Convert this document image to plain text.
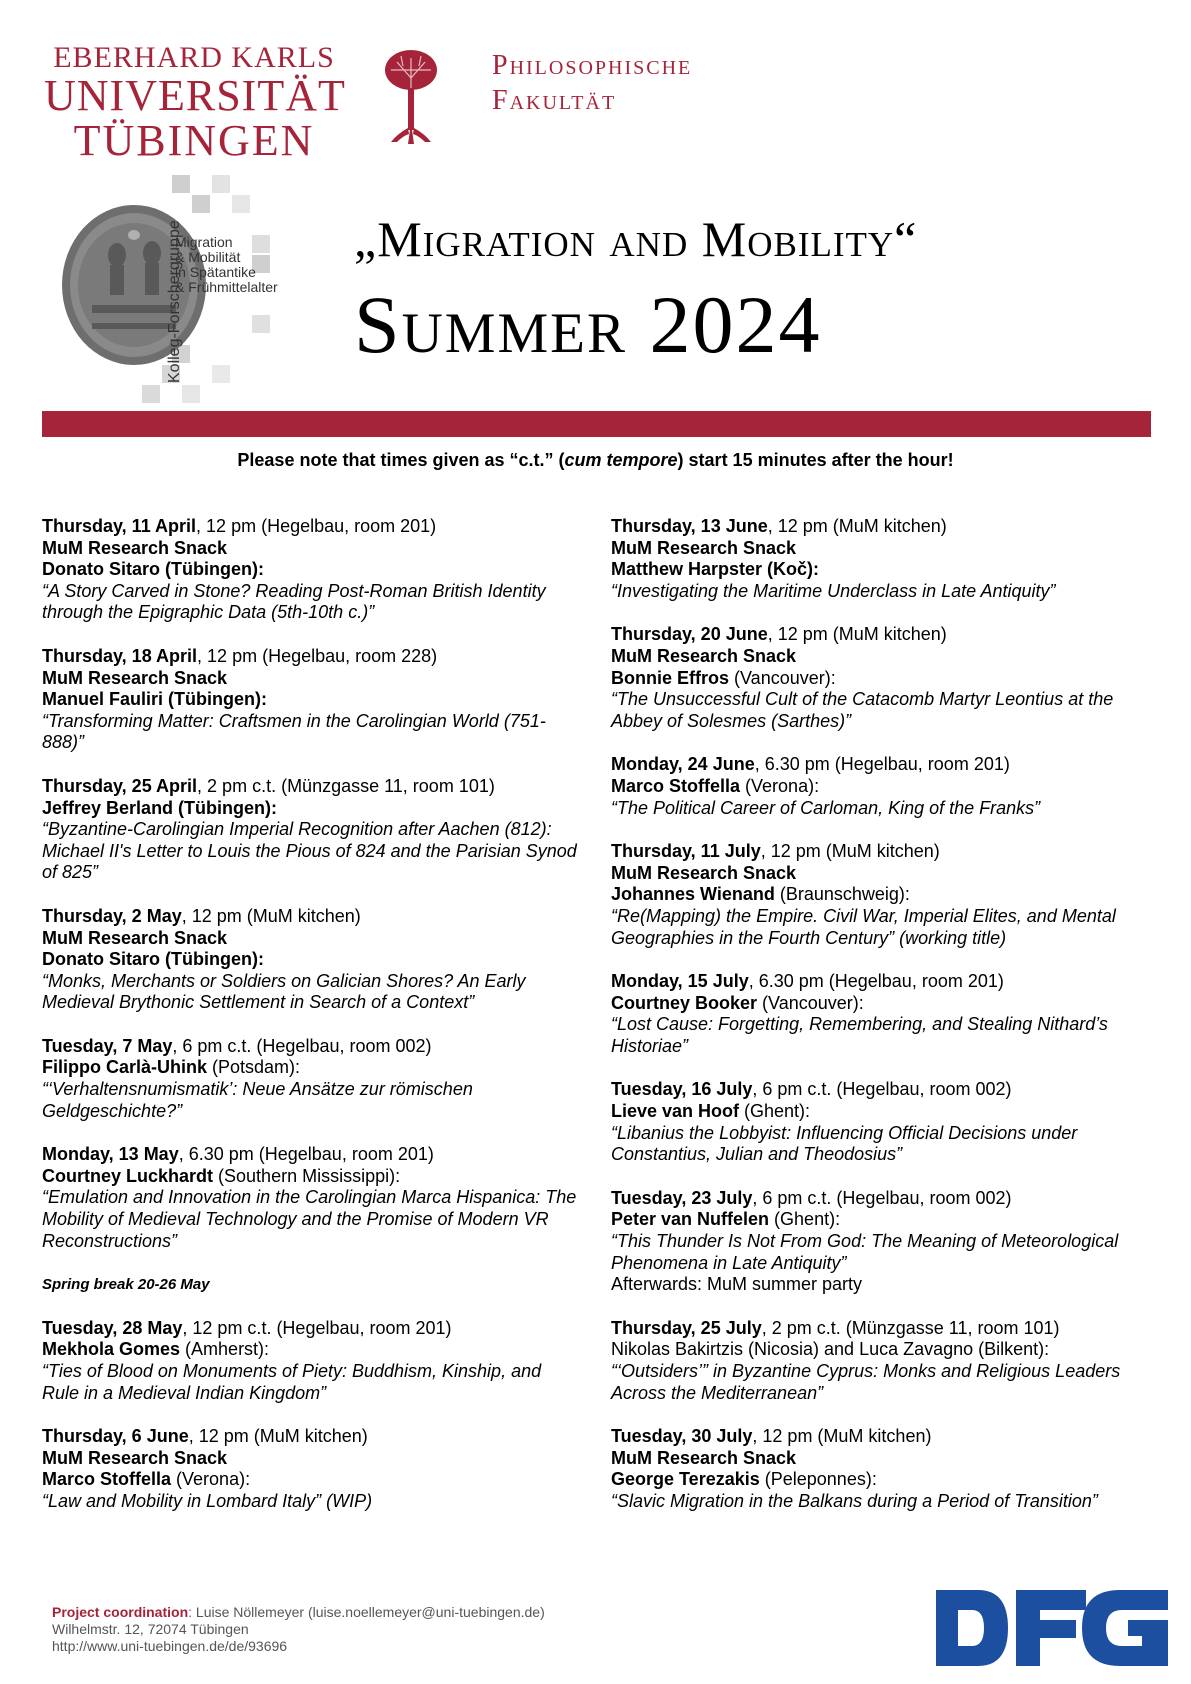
EBERHARD KARLS
UNIVERSITÄT
TÜBINGEN
Philosophische
Fakultät
Kolleg-Forschergruppe
Migration
& Mobilität
in Spätantike
& Frühmittelalter
„Migration and Mobility“
Summer 2024
Please note that times given as “c.t.” (cum tempore) start 15 minutes after the hour!
Thursday, 11 April, 12 pm (Hegelbau, room 201)
MuM Research Snack
Donato Sitaro (Tübingen):
“A Story Carved in Stone? Reading Post-Roman British Identity through the Epigraphic Data (5th-10th c.)”
Thursday, 18 April, 12 pm (Hegelbau, room 228)
MuM Research Snack
Manuel Fauliri (Tübingen):
“Transforming Matter: Craftsmen in the Carolingian World (751-888)”
Thursday, 25 April, 2 pm c.t. (Münzgasse 11, room 101)
Jeffrey Berland (Tübingen):
“Byzantine-Carolingian Imperial Recognition after Aachen (812): Michael II's Letter to Louis the Pious of 824 and the Parisian Synod of 825”
Thursday, 2 May, 12 pm (MuM kitchen)
MuM Research Snack
Donato Sitaro (Tübingen):
“Monks, Merchants or Soldiers on Galician Shores? An Early Medieval Brythonic Settlement in Search of a Context”
Tuesday, 7 May, 6 pm c.t. (Hegelbau, room 002)
Filippo Carlà-Uhink (Potsdam):
“‘Verhaltensnumismatik’: Neue Ansätze zur römischen Geldgeschichte?”
Monday, 13 May, 6.30 pm (Hegelbau, room 201)
Courtney Luckhardt (Southern Mississippi):
“Emulation and Innovation in the Carolingian Marca Hispanica: The Mobility of Medieval Technology and the Promise of Modern VR Reconstructions”
Spring break 20-26 May
Tuesday, 28 May, 12 pm c.t. (Hegelbau, room 201)
Mekhola Gomes (Amherst):
“Ties of Blood on Monuments of Piety: Buddhism, Kinship, and Rule in a Medieval Indian Kingdom”
Thursday, 6 June, 12 pm (MuM kitchen)
MuM Research Snack
Marco Stoffella (Verona):
“Law and Mobility in Lombard Italy” (WIP)
Thursday, 13 June, 12 pm (MuM kitchen)
MuM Research Snack
Matthew Harpster (Koč):
“Investigating the Maritime Underclass in Late Antiquity”
Thursday, 20 June, 12 pm (MuM kitchen)
MuM Research Snack
Bonnie Effros (Vancouver):
“The Unsuccessful Cult of the Catacomb Martyr Leontius at the Abbey of Solesmes (Sarthes)”
Monday, 24 June, 6.30 pm (Hegelbau, room 201)
Marco Stoffella (Verona):
“The Political Career of Carloman, King of the Franks”
Thursday, 11 July, 12 pm (MuM kitchen)
MuM Research Snack
Johannes Wienand (Braunschweig):
“Re(Mapping) the Empire. Civil War, Imperial Elites, and Mental Geographies in the Fourth Century” (working title)
Monday, 15 July, 6.30 pm (Hegelbau, room 201)
Courtney Booker (Vancouver):
“Lost Cause: Forgetting, Remembering, and Stealing Nithard’s Historiae”
Tuesday, 16 July, 6 pm c.t. (Hegelbau, room 002)
Lieve van Hoof (Ghent):
“Libanius the Lobbyist: Influencing Official Decisions under Constantius, Julian and Theodosius”
Tuesday, 23 July, 6 pm c.t. (Hegelbau, room 002)
Peter van Nuffelen (Ghent):
“This Thunder Is Not From God: The Meaning of Meteorological Phenomena in Late Antiquity”
Afterwards: MuM summer party
Thursday, 25 July, 2 pm c.t. (Münzgasse 11, room 101)
Nikolas Bakirtzis (Nicosia) and Luca Zavagno (Bilkent):
“‘Outsiders’” in Byzantine Cyprus: Monks and Religious Leaders Across the Mediterranean”
Tuesday, 30 July, 12 pm (MuM kitchen)
MuM Research Snack
George Terezakis (Peleponnes):
“Slavic Migration in the Balkans during a Period of Transition”
Project coordination: Luise Nöllemeyer (luise.noellemeyer@uni-tuebingen.de)
Wilhelmstr. 12, 72074 Tübingen
http://www.uni-tuebingen.de/de/93696
DFG
